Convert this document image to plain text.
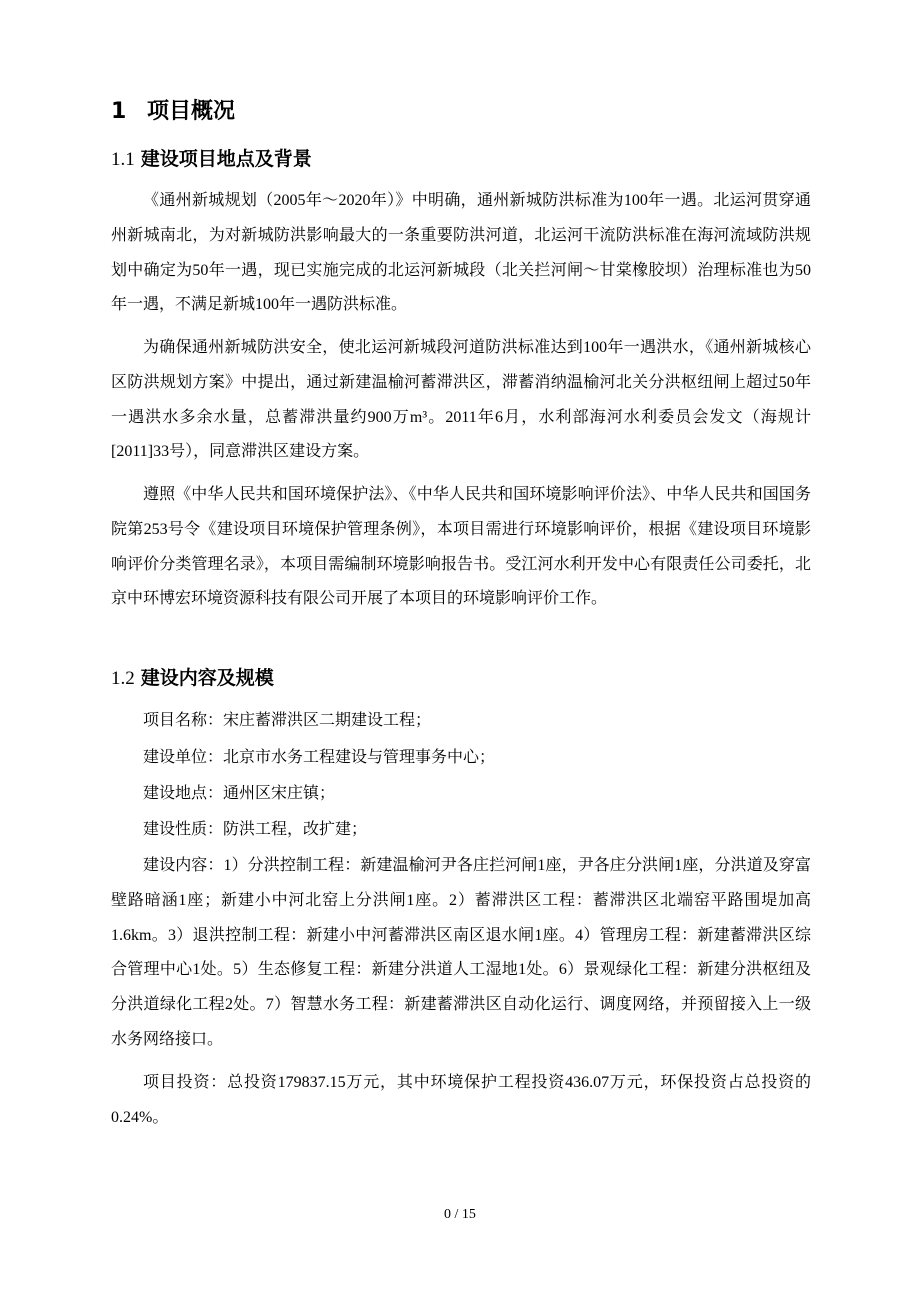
1 项目概况
1.1 建设项目地点及背景

《通州新城规划（2005年～2020年）》中明确，通州新城防洪标准为100年一遇。北运河贯穿通州新城南北，为对新城防洪影响最大的一条重要防洪河道，北运河干流防洪标准在海河流域防洪规划中确定为50年一遇，现已实施完成的北运河新城段（北关拦河闸～甘棠橡胶坝）治理标准也为50年一遇，不满足新城100年一遇防洪标准。

为确保通州新城防洪安全，使北运河新城段河道防洪标准达到100年一遇洪水，《通州新城核心区防洪规划方案》中提出，通过新建温榆河蓄滞洪区，滞蓄消纳温榆河北关分洪枢纽闸上超过50年一遇洪水多余水量，总蓄滞洪量约900万m³。2011年6月，水利部海河水利委员会发文（海规计[2011]33号），同意滞洪区建设方案。

遵照《中华人民共和国环境保护法》、《中华人民共和国环境影响评价法》、中华人民共和国国务院第253号令《建设项目环境保护管理条例》，本项目需进行环境影响评价，根据《建设项目环境影响评价分类管理名录》，本项目需编制环境影响报告书。受江河水利开发中心有限责任公司委托，北京中环博宏环境资源科技有限公司开展了本项目的环境影响评价工作。

1.2 建设内容及规模

项目名称：宋庄蓄滞洪区二期建设工程；

建设单位：北京市水务工程建设与管理事务中心；

建设地点：通州区宋庄镇；

建设性质：防洪工程，改扩建；

建设内容：1）分洪控制工程：新建温榆河尹各庄拦河闸1座，尹各庄分洪闸1座，分洪道及穿富壁路暗涵1座；新建小中河北窑上分洪闸1座。2）蓄滞洪区工程：蓄滞洪区北端窑平路围堤加高1.6km。3）退洪控制工程：新建小中河蓄滞洪区南区退水闸1座。4）管理房工程：新建蓄滞洪区综合管理中心1处。5）生态修复工程：新建分洪道人工湿地1处。6）景观绿化工程：新建分洪枢纽及分洪道绿化工程2处。7）智慧水务工程：新建蓄滞洪区自动化运行、调度网络，并预留接入上一级水务网络接口。

项目投资：总投资179837.15万元，其中环境保护工程投资436.07万元，环保投资占总投资的0.24%。

0 / 15
